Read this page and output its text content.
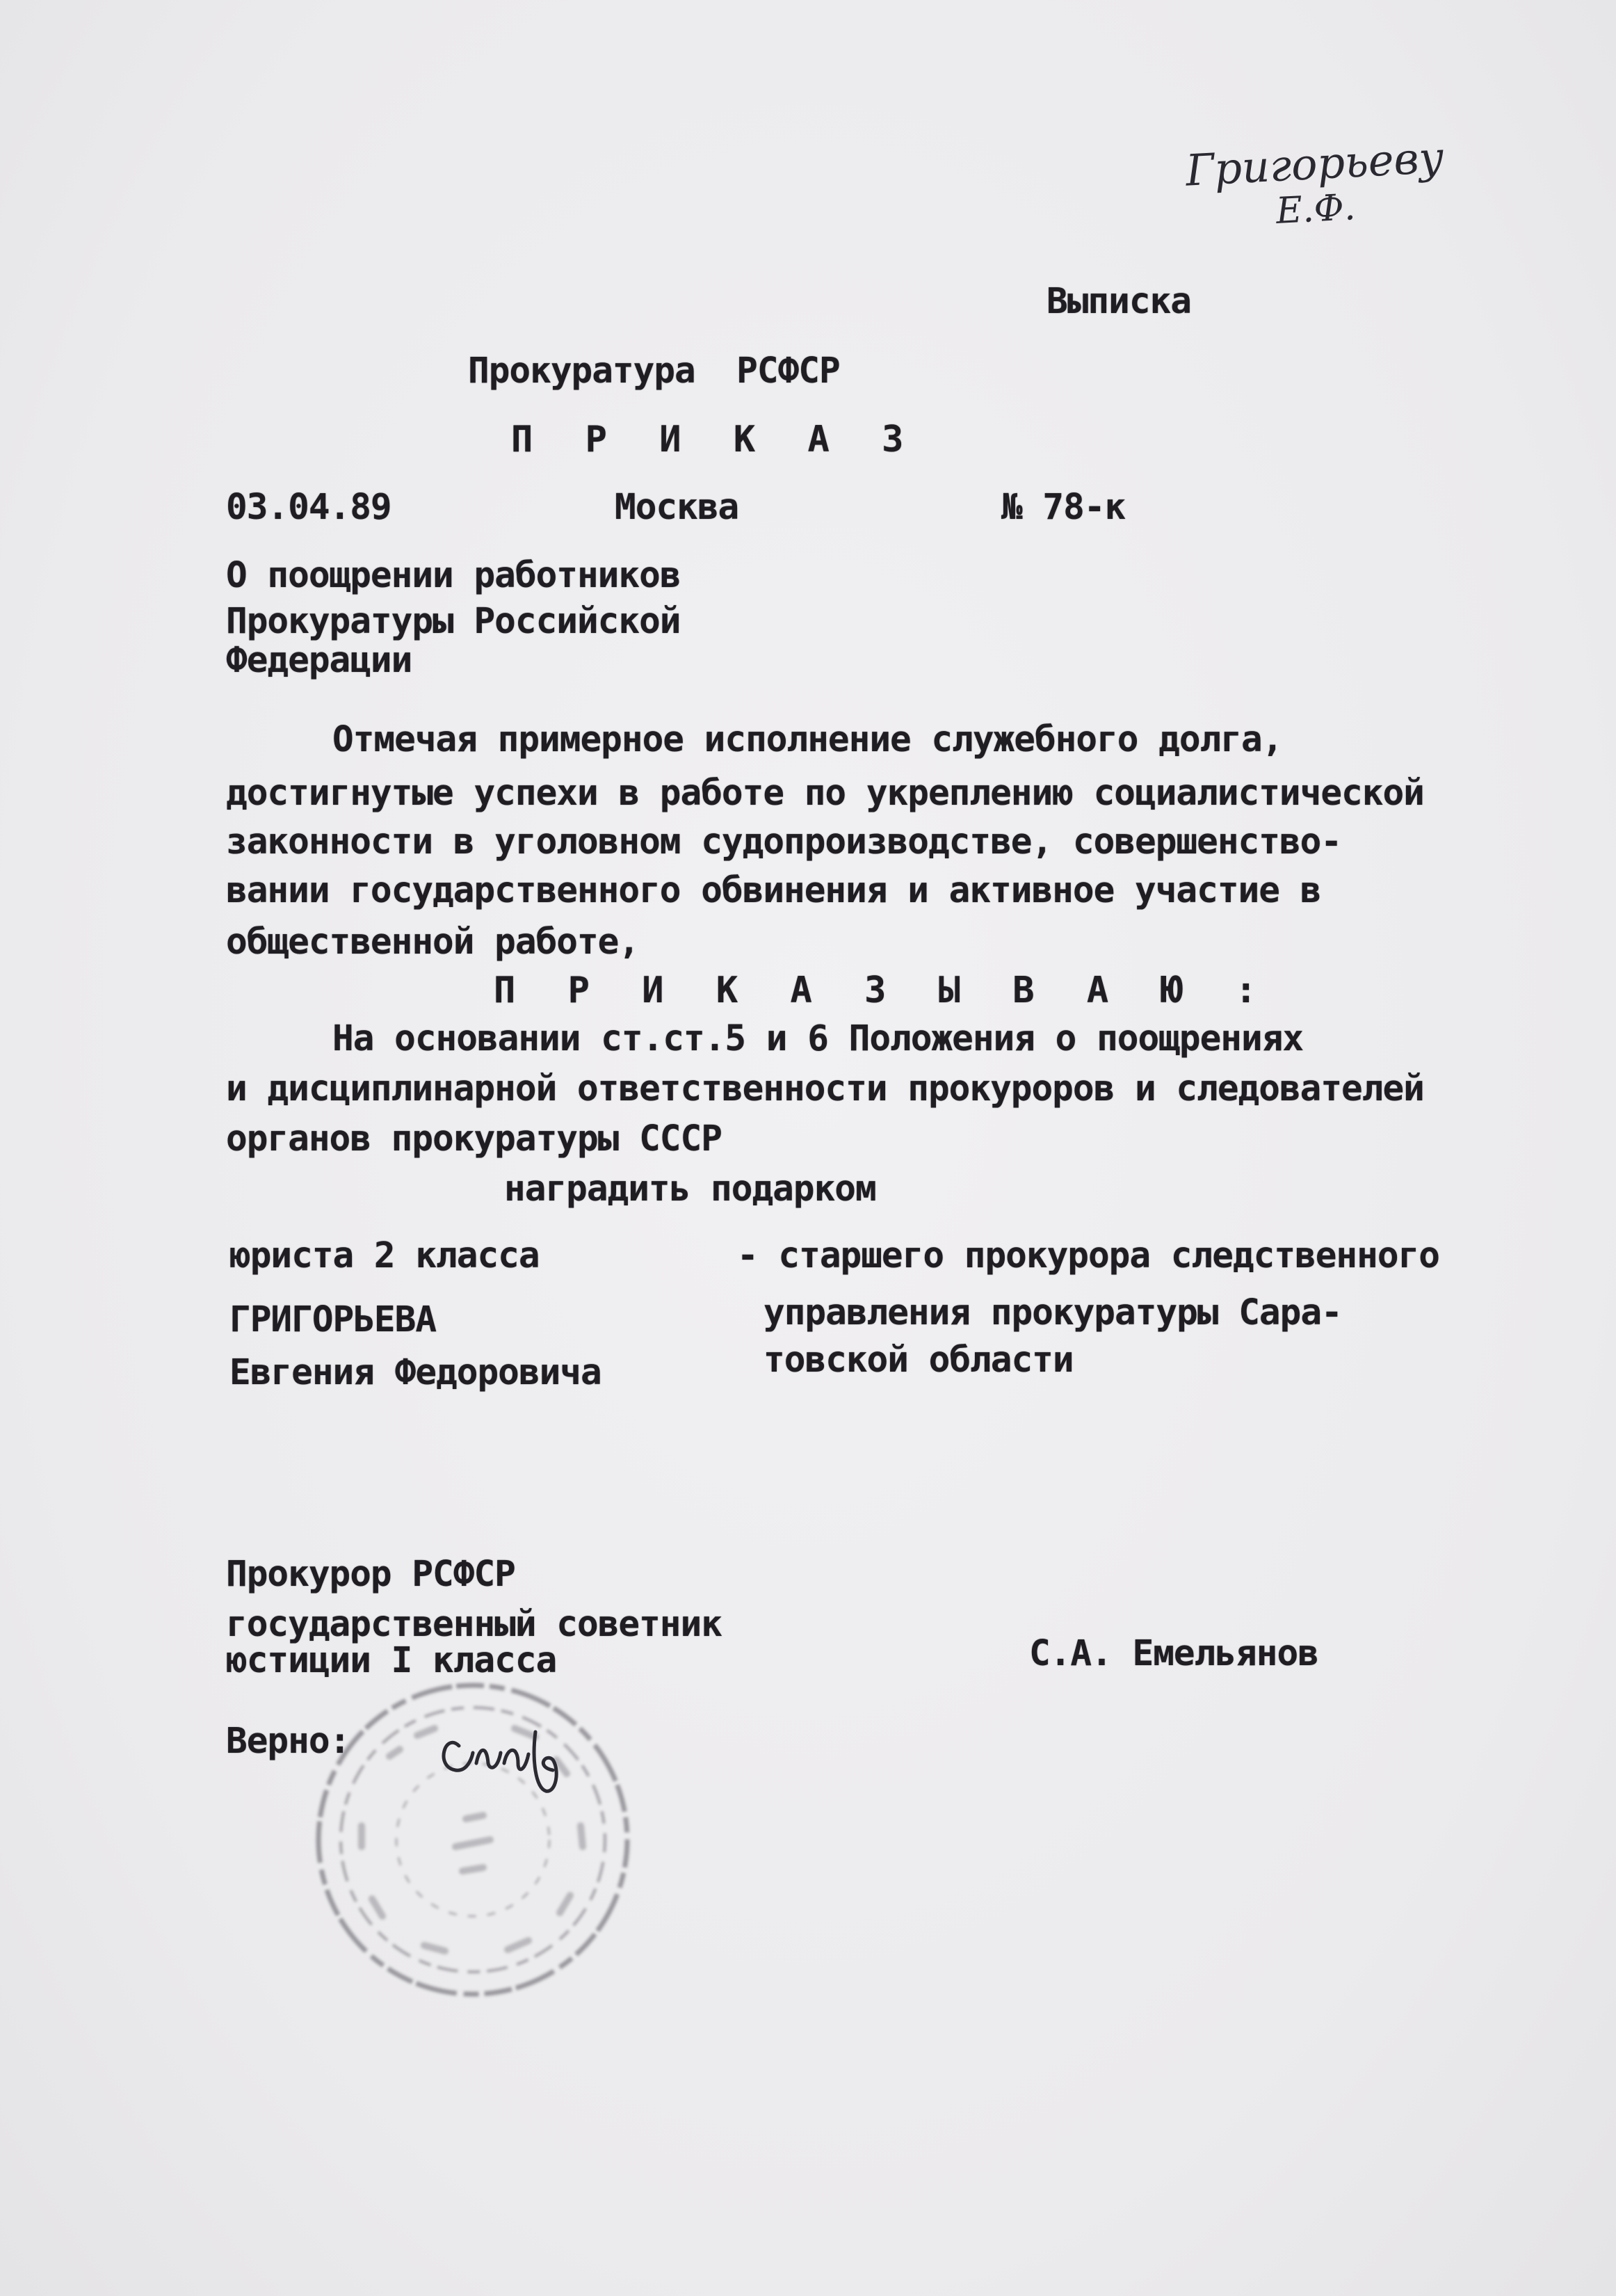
Григорьеву
Е.Ф.
Выписка
Прокуратура  РСФСР
П Р И К А З
03.04.89	Москва	№ 78-к
О поощрении работников
Прокуратуры Российской
Федерации
Отмечая примерное исполнение служебного долга,
достигнутые успехи в работе по укреплению социалистической
законности в уголовном судопроизводстве, совершенство-
вании государственного обвинения и активное участие в
общественной работе,
П Р И К А З Ы В А Ю :
На основании ст.ст.5 и 6 Положения о поощрениях
и дисциплинарной ответственности прокуроров и следователей
органов прокуратуры СССР
наградить подарком
юриста 2 класса
ГРИГОРЬЕВА
Евгения Федоровича
- старшего прокурора следственного
управления прокуратуры Сара-
товской области
Прокурор РСФСР
государственный советник
юстиции I класса	С.А. Емельянов
Верно:
